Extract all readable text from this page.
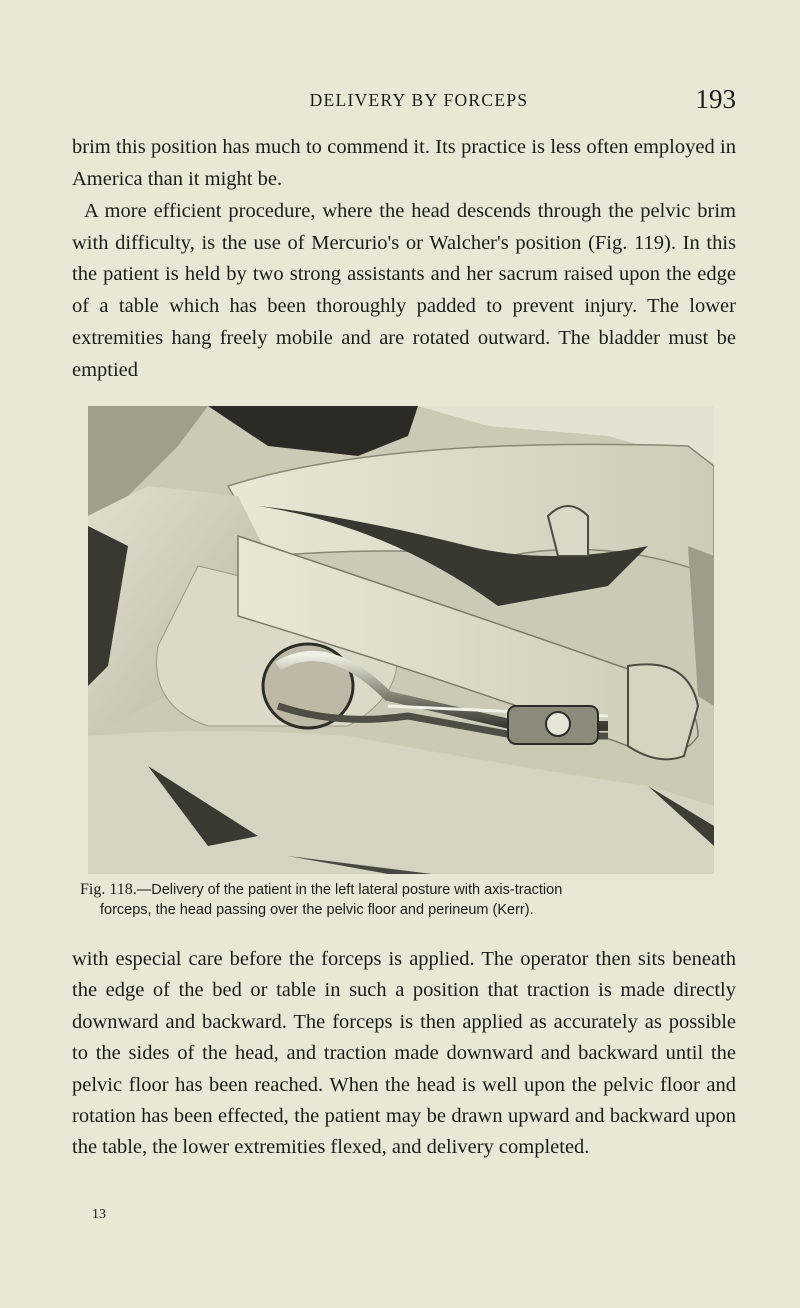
DELIVERY BY FORCEPS	193

brim this position has much to commend it. Its practice is less often employed in America than it might be.

A more efficient procedure, where the head descends through the pelvic brim with difficulty, is the use of Mercurio's or Walcher's position (Fig. 119). In this the patient is held by two strong assistants and her sacrum raised upon the edge of a table which has been thoroughly padded to prevent injury. The lower extremities hang freely mobile and are rotated outward. The bladder must be emptied

Fig. 118.—Delivery of the patient in the left lateral posture with axis-traction
forceps, the head passing over the pelvic floor and perineum (Kerr).

with especial care before the forceps is applied. The operator then sits beneath the edge of the bed or table in such a position that traction is made directly downward and backward. The forceps is then applied as accurately as possible to the sides of the head, and traction made downward and backward until the pelvic floor has been reached. When the head is well upon the pelvic floor and rotation has been effected, the patient may be drawn upward and backward upon the table, the lower extremities flexed, and delivery completed.

13
